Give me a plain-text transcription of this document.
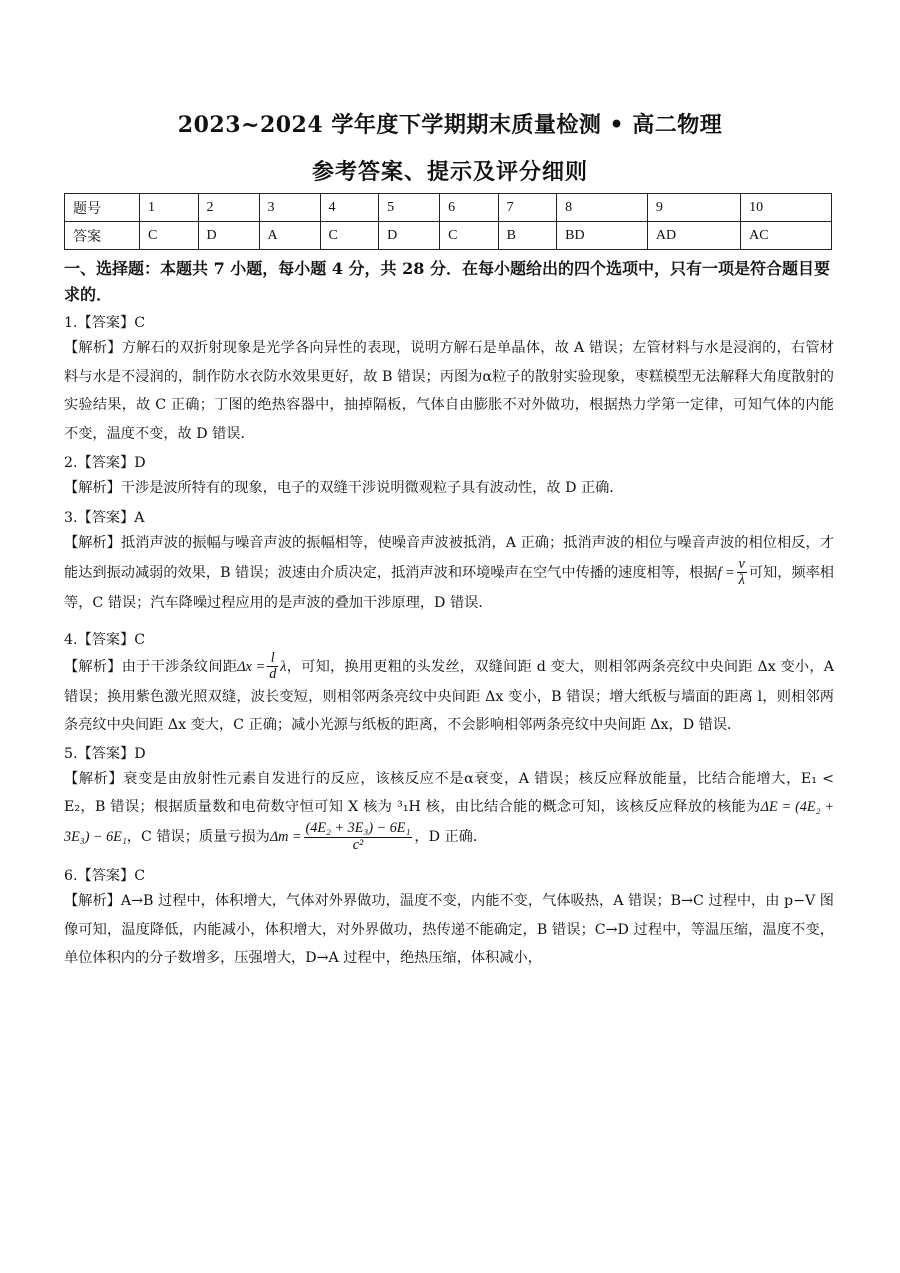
2023~2024 学年度下学期期末质量检测 • 高二物理
参考答案、提示及评分细则
题号	1	2	3	4	5	6	7	8	9	10
答案	C	D	A	C	D	C	B	BD	AD	AC

一、选择题：本题共 7 小题，每小题 4 分，共 28 分．在每小题给出的四个选项中，只有一项是符合题目要求的．

1.【答案】C

【解析】方解石的双折射现象是光学各向异性的表现，说明方解石是单晶体，故 A 错误；左管材料与水是浸润的，右管材料与水是不浸润的，制作防水衣防水效果更好，故 B 错误；丙图为α粒子的散射实验现象，枣糕模型无法解释大角度散射的实验结果，故 C 正确；丁图的绝热容器中，抽掉隔板，气体自由膨胀不对外做功，根据热力学第一定律，可知气体的内能不变，温度不变，故 D 错误．

2.【答案】D

【解析】干涉是波所特有的现象，电子的双缝干涉说明微观粒子具有波动性，故 D 正确．

3.【答案】A

【解析】抵消声波的振幅与噪音声波的振幅相等，使噪音声波被抵消，A 正确；抵消声波的相位与噪音声波的相位相反，才能达到振动减弱的效果，B 错误；波速由介质决定，抵消声波和环境噪声在空气中传播的速度相等，根据$f = \frac{v}{\lambda}$ 可知，频率相等，C 错误；汽车降噪过程应用的是声波的叠加干涉原理，D 错误．

4.【答案】C

【解析】由于干涉条纹间距$\Delta x = \frac{l}{d}$ λ，可知，换用更粗的头发丝，双缝间距 d 变大，则相邻两条亮纹中央间距 Δx 变小，A 错误；换用紫色激光照双缝，波长变短，则相邻两条亮纹中央间距 Δx 变小，B 错误；增大纸板与墙面的距离 l，则相邻两条亮纹中央间距 Δx 变大，C 正确；减小光源与纸板的距离，不会影响相邻两条亮纹中央间距 Δx，D 错误．

5.【答案】D

【解析】衰变是由放射性元素自发进行的反应，该核反应不是α衰变，A 错误；核反应释放能量，比结合能增大，E₁ < E₂，B 错误；根据质量数和电荷数守恒可知 X 核为 ³₁H 核，由比结合能的概念可知，该核反应释放的核能为ΔE = (4E₂ + 3E₃) − 6E₁，C 错误；质量亏损为$\Delta m = \frac{\text{(4E₂ + 3E₃) − 6E₁}}{\text{c²}}$ ，D 正确．

6.【答案】C

【解析】A→B 过程中，体积增大，气体对外界做功，温度不变，内能不变，气体吸热，A 错误；B→C 过程中，由 p−V 图像可知，温度降低，内能减小，体积增大，对外界做功，热传递不能确定，B 错误；C→D 过程中，等温压缩，温度不变，单位体积内的分子数增多，压强增大，D→A 过程中，绝热压缩，体积减小，
